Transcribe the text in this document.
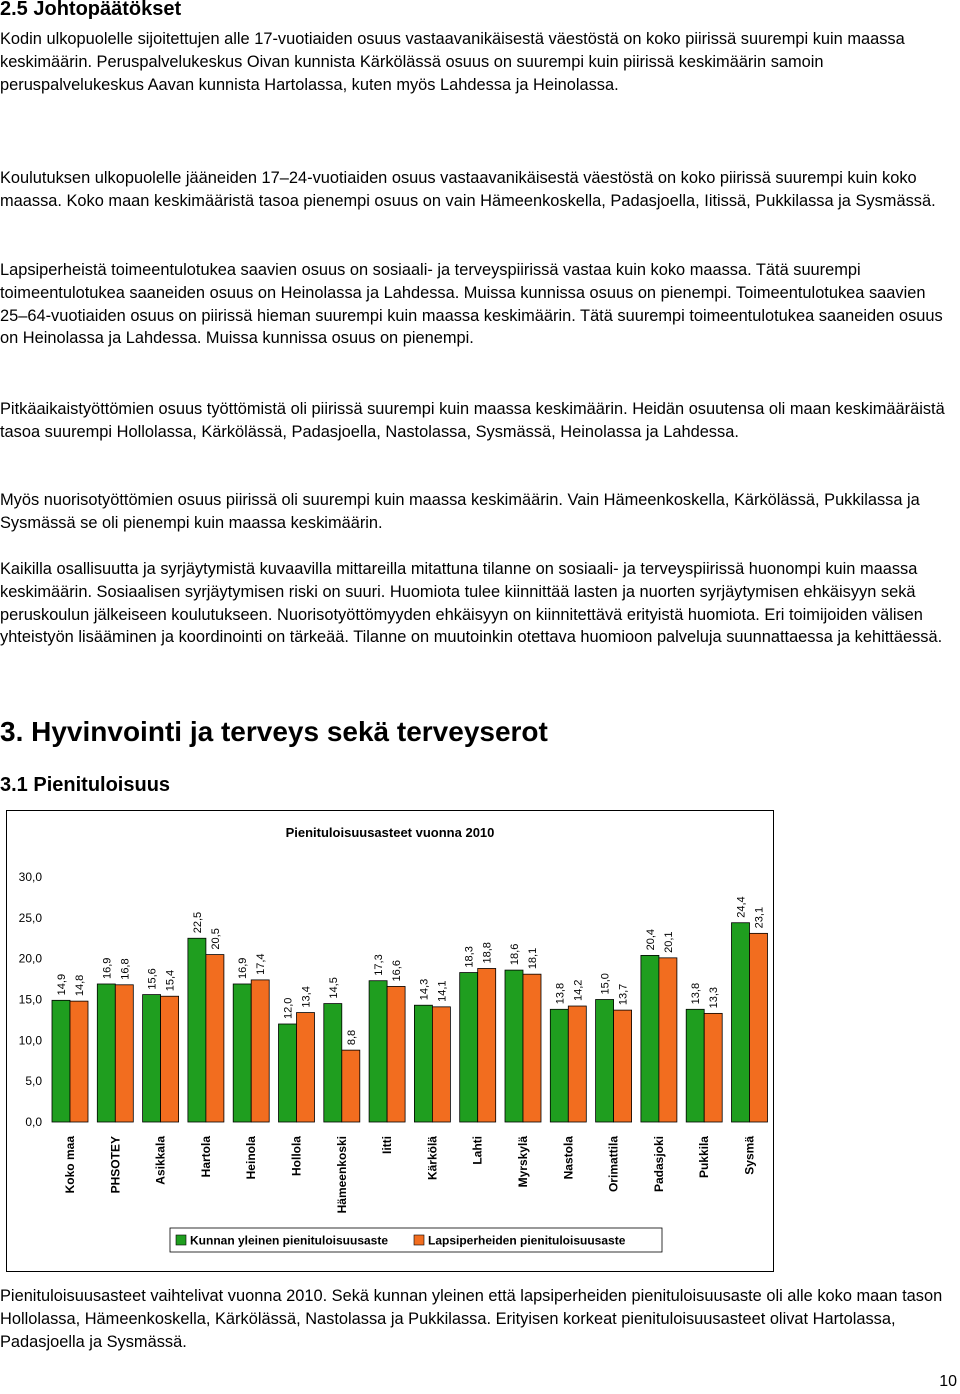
2.5 Johtopäätökset

Kodin ulkopuolelle sijoitettujen alle 17-vuotiaiden osuus vastaavanikäisestä väestöstä on koko piirissä suurempi kuin maassa keskimäärin. Peruspalvelukeskus Oivan kunnista Kärkölässä osuus on suurempi kuin piirissä keskimäärin samoin peruspalvelukeskus Aavan kunnista Hartolassa, kuten myös Lahdessa ja Heinolassa.

Koulutuksen ulkopuolelle jääneiden 17–24-vuotiaiden osuus vastaavanikäisestä väestöstä on koko piirissä suurempi kuin koko maassa. Koko maan keskimääristä tasoa pienempi osuus on vain Hämeenkoskella, Padasjoella, Iitissä, Pukkilassa ja Sysmässä.

Lapsiperheistä toimeentulotukea saavien osuus on sosiaali- ja terveyspiirissä vastaa kuin koko maassa. Tätä suurempi toimeentulotukea saaneiden osuus on Heinolassa ja Lahdessa. Muissa kunnissa osuus on pienempi. Toimeentulotukea saavien 25–64-vuotiaiden osuus on piirissä hieman suurempi kuin maassa keskimäärin. Tätä suurempi toimeentulotukea saaneiden osuus on Heinolassa ja Lahdessa. Muissa kunnissa osuus on pienempi.

Pitkäaikaistyöttömien osuus työttömistä oli piirissä suurempi kuin maassa keskimäärin. Heidän osuutensa oli maan keskimääräistä tasoa suurempi Hollolassa, Kärkölässä, Padasjoella, Nastolassa, Sysmässä, Heinolassa ja Lahdessa.

Myös nuorisotyöttömien osuus piirissä oli suurempi kuin maassa keskimäärin. Vain Hämeenkoskella, Kärkölässä, Pukkilassa ja Sysmässä se oli pienempi kuin maassa keskimäärin.

Kaikilla osallisuutta ja syrjäytymistä kuvaavilla mittareilla mitattuna tilanne on sosiaali- ja terveyspiirissä huonompi kuin maassa keskimäärin. Sosiaalisen syrjäytymisen riski on suuri. Huomiota tulee kiinnittää lasten ja nuorten syrjäytymisen ehkäisyyn sekä peruskoulun jälkeiseen koulutukseen. Nuorisotyöttömyyden ehkäisyyn on kiinnitettävä erityistä huomiota. Eri toimijoiden välisen yhteistyön lisääminen ja koordinointi on tärkeää. Tilanne on muutoinkin otettava huomioon palveluja suunnattaessa ja kehittäessä.

3. Hyvinvointi ja terveys sekä terveyserot
3.1 Pienituloisuus
Pienituloisuusasteet vuonna 2010
0,0
5,0
10,0
15,0
20,0
25,0
30,0
14,9 14,8
16,9 16,8 15,6 15,4
22,5
20,5
16,9 17,4
12,0
13,4 14,5
8,8
17,3 16,6
14,3 14,1
18,3 18,8 18,6 18,1
13,8 14,2 15,0 13,7
20,4 20,1
13,8 13,3
24,4 23,1
Koko maa	PHSOTEY	Asikkala	Hartola	Heinola	Hollola	Hämeenkoski	Iitti	Kärkölä	Lahti	Myrskylä	Nastola	Orimattila	Padasjoki	Pukkila	Sysmä
Kunnan yleinen pienituloisuusaste	Lapsiperheiden pienituloisuusaste

Pienituloisuusasteet vaihtelivat vuonna 2010. Sekä kunnan yleinen että lapsiperheiden pienituloisuusaste oli alle koko maan tason Hollolassa, Hämeenkoskella, Kärkölässä, Nastolassa ja Pukkilassa. Erityisen korkeat pienituloisuusasteet olivat Hartolassa, Padasjoella ja Sysmässä.

10
